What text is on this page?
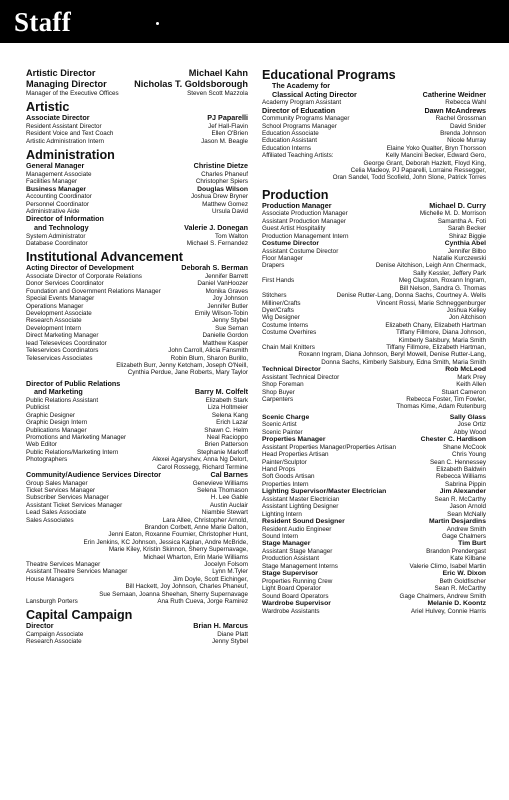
Staff
Artistic Director	Michael Kahn
Managing Director	Nicholas T. Goldsborough
Manager of the Executive Offices	Steven Scott Mazzola
Artistic
Associate Director	PJ Paparelli
Resident Assistant Director	Jef Hall-Flavin
Resident Voice and Text Coach	Ellen O'Brien
Artistic Administration Intern	Jason M. Beagle
Administration
General Manager	Christine Dietze
Management Associate	Charles Phaneuf
Facilities Manager	Christopher Spiers
Business Manager	Douglas Wilson
Accounting Coordinator	Joshua Drew Bryner
Personnel Coordinator	Matthew Gomez
Administrative Aide	Ursula David
Director of Information
and Technology	Valerie J. Donegan
System Administrator	Tom Walton
Database Coordinator	Michael S. Fernandez
Institutional Advancement
Acting Director of Development	Deborah S. Berman
Associate Director of Corporate Relations	Jennifer Barrett
Donor Services Coordinator	Daniel VanHoozer
Foundation and Government Relations Manager	Monika Graves
Special Events Manager	Joy Johnson
Operations Manager	Jennifer Butler
Development Associate	Emily Wilson-Tobin
Research Associate	Jenny Stybel
Development Intern	Sue Seman
Direct Marketing Manager	Danielle Gordon
lead Telesevices Coordinator	Matthew Kasper
Teleservices Coordinators	John Carroll, Alicia Fansmith
Teleservices Associates	Robin Blum, Sharon Burillo,
Elizabeth Burr, Jenny Ketcham, Joseph O'Neill,
Cynthia Perdue, Jane Roberts, Mary Taylor
Director of Public Relations
and Marketing	Barry M. Colfelt
Public Relations Assistant	Elizabeth Stark
Publicist	Liza Holtmeier
Graphic Designer	Selena Kang
Graphic Design Intern	Erich Lazar
Publications Manager	Shawn C. Helm
Promotions and Marketing Manager	Neal Racioppo
Web Editor	Brien Patterson
Public Relations/Marketing Intern	Stephanie Markoff
Photographers	Alexei Agaryshev, Anna Ng Delort,
Carol Rossegg, Richard Termine
Community/Audience Services Director	Cal Barnes
Group Sales Manager	Genevieve Williams
Ticket Services Manager	Selena Thomason
Subscriber Services Manager	H. Lee Gable
Assistant Ticket Services Manager	Austin Auclair
Lead Sales Associate	Niambie Stewart
Sales Associates	Lara Allee, Christopher Arnold,
Brandon Corbett, Anne Marie Dalton,
Jenni Eaton, Roxanne Fournier, Christopher Hunt,
Erin Jenkins, KC Johnson, Jessica Kaplan, Andre McBride,
Marie Kiley, Kristin Skinnon, Sherry Supernavage,
Michael Wharton, Erin Marie Williams
Theatre Services Manager	Jocelyn Folsom
Assistant Theatre Services Manager	Lynn M.Tyler
House Managers	Jim Doyle, Scott Eichinger,
Bill Hackett, Joy Johnson, Charles Phaneuf,
Sue Semaan, Joanna Sheehan, Sherry Supernavage
Lansburgh Porters	Ana Ruth Cueva, Jorge Ramirez
Capital Campaign
Director	Brian H. Marcus
Campaign Associate	Diane Platt
Research Associate	Jenny Stybel
Educational Programs
The Academy for
Classical Acting Director	Catherine Weidner
Academy Program Assistant	Rebecca Wahl
Director of Education	Dawn McAndrews
Community Programs Manager	Rachel Grossman
School Programs Manager	David Snider
Education Associate	Brenda Johnson
Education Assistant	Nicole Murray
Education Interns	Elaine Yoko Qualter, Bryn Thorsson
Affiliated Teaching Artists:	Kelly Mancini Becker, Edward Gero,
George Grant, Deborah Hazlett, Floyd King,
Celia Madeoy, PJ Paparelli, Lorraine Ressegger,
Oran Sandel, Todd Scofield, John Slone, Patrick Torres
Production
Production Manager	Michael D. Curry
Associate Production Manager	Michelle M. D. Morrison
Assistant Production Manager	Samantha A. Foti
Guest Artist Hospitality	Sarah Becker
Production Management Intern	Shiraz Biggie
Costume Director	Cynthia Abel
Assistant Costume Director	Jennifer Bilbo
Floor Manager	Natalie Kurczewski
Drapers	Denise Aitchison, Leigh Ann Chermack,
Sally Kessler, Jeffery Park
First Hands	Meg Clugston, Roxann Ingram,
Bill Nelson, Sandra G. Thomas
Stitchers	Denise Rutter-Lang, Donna Sachs, Courtney A. Wells
Milliner/Crafts	Vincent Rossi, Marie Schneggenburger
Dyer/Crafts	Joshua Kelley
Wig Designer	Jon Aitchison
Costume Interns	Elizabeth Chany, Elizabeth Hartman
Costume Overhires	Tiffany Fillmore, Diana Johnson,
Kimberly Salsbury, Maria Smith
Chain Mail Knitters	Tiffany Fillmore, Elizabeth Hartman,
Roxann Ingram, Diana Johnson, Beryl Mowell, Denise Rutter-Lang,
Donna Sachs, Kimberly Salsbury, Edna Smith, Maria Smith
Technical Director	Rob McLeod
Assistant Technical Director	Mark Prey
Shop Foreman	Keith Allen
Shop Buyer	Stuart Cameron
Carpenters	Rebecca Foster, Tim Fowler,
Thomas Kime, Adam Rutenburg
Scenic Charge	Sally Glass
Scenic Artist	Jose Ortiz
Scenic Painter	Abby Wood
Properties Manager	Chester C. Hardison
Assistant Properties Manager/Properties Artisan	Shane McCook
Head Properties Artisan	Chris Young
Painter/Sculptor	Sean C. Hennessey
Hand Props	Elizabeth Baldwin
Soft Goods Artisan	Rebecca Williams
Properties Intern	Sabrina Pippin
Lighting Supervisor/Master Electrician	Jim Alexander
Assistant Master Electrician	Sean R. McCarthy
Assistant Lighting Designer	Jason Arnold
Lighting Intern	Sean McNally
Resident Sound Designer	Martin Desjardins
Resident Audio Engineer	Andrew Smith
Sound Intern	Gage Chalmers
Stage Manager	Tim Burt
Assistant Stage Manager	Brandon Prendergast
Production Assistant	Kate Kilbane
Stage Management Interns	Valerie Climo, Isabel Martin
Stage Supervisor	Eric W. Dixon
Properties Running Crew	Beth Goldfischer
Light Board Operator	Sean R. McCarthy
Sound Board Operators	Gage Chalmers, Andrew Smith
Wardrobe Supervisor	Melanie D. Koontz
Wardrobe Assistants	Ariel Hulvey, Connie Harris
